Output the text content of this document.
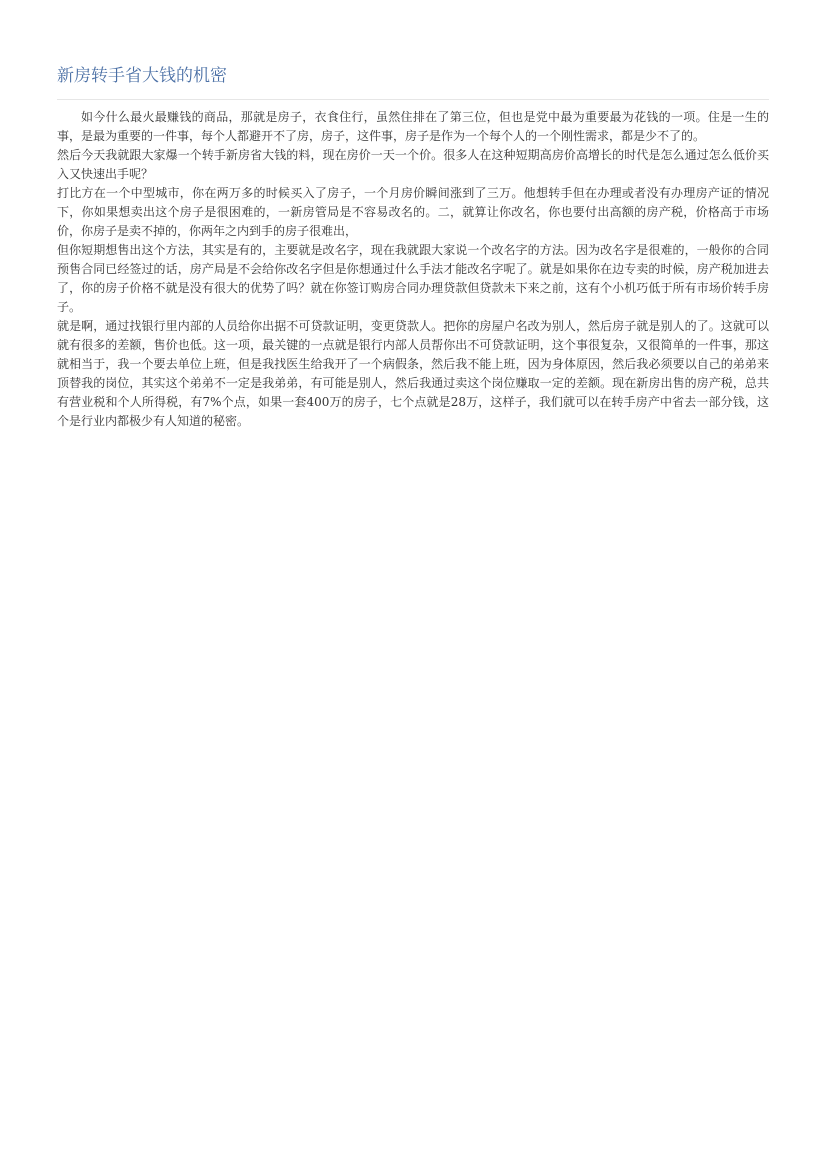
新房转手省大钱的机密

如今什么最火最赚钱的商品，那就是房子，衣食住行，虽然住排在了第三位，但也是党中最为重要最为花钱的一项。住是一生的事，是最为重要的一件事，每个人都避开不了房，房子，这件事，房子是作为一个每个人的一个刚性需求，都是少不了的。

然后今天我就跟大家爆一个转手新房省大钱的料，现在房价一天一个价。很多人在这种短期高房价高增长的时代是怎么通过怎么低价买入又快速出手呢？

打比方在一个中型城市，你在两万多的时候买入了房子，一个月房价瞬间涨到了三万。他想转手但在办理或者没有办理房产证的情况下，你如果想卖出这个房子是很困难的，一新房管局是不容易改名的。二，就算让你改名，你也要付出高额的房产税，价格高于市场价，你房子是卖不掉的，你两年之内到手的房子很难出，

但你短期想售出这个方法，其实是有的，主要就是改名字，现在我就跟大家说一个改名字的方法。因为改名字是很难的，一般你的合同预售合同已经签过的话，房产局是不会给你改名字但是你想通过什么手法才能改名字呢了。就是如果你在边专卖的时候，房产税加进去了，你的房子价格不就是没有很大的优势了吗？就在你签订购房合同办理贷款但贷款未下来之前，这有个小机巧低于所有市场价转手房子。

就是啊，通过找银行里内部的人员给你出据不可贷款证明，变更贷款人。把你的房屋户名改为别人，然后房子就是别人的了。这就可以就有很多的差额，售价也低。这一项，最关键的一点就是银行内部人员帮你出不可贷款证明，这个事很复杂，又很简单的一件事，那这就相当于，我一个要去单位上班，但是我找医生给我开了一个病假条，然后我不能上班，因为身体原因，然后我必须要以自己的弟弟来顶替我的岗位，其实这个弟弟不一定是我弟弟，有可能是别人，然后我通过卖这个岗位赚取一定的差额。现在新房出售的房产税，总共有营业税和个人所得税，有7%个点，如果一套400万的房子，七个点就是28万，这样子，我们就可以在转手房产中省去一部分钱，这个是行业内都极少有人知道的秘密。
